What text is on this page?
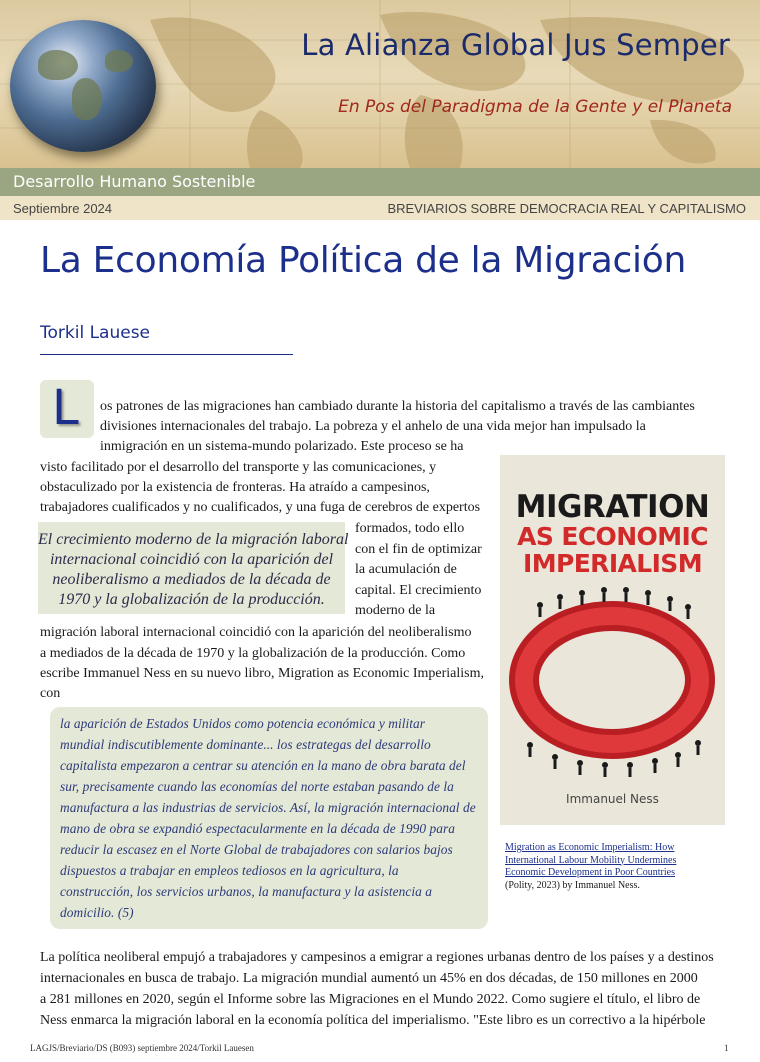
La Alianza Global Jus Semper
En Pos del Paradigma de la Gente y el Planeta
Desarrollo Humano Sostenible
Septiembre 2024	BREVIARIOS SOBRE DEMOCRACIA REAL Y CAPITALISMO
La Economía Política de la Migración
Torkil Lauese
L os patrones de las migraciones han cambiado durante la historia del capitalismo a través de las cambiantes
divisiones internacionales del trabajo. La pobreza y el anhelo de una vida mejor han impulsado la
inmigración en un sistema-mundo polarizado. Este proceso se ha
visto facilitado por el desarrollo del transporte y las comunicaciones, y
obstaculizado por la existencia de fronteras. Ha atraído a campesinos,
trabajadores cualificados y no cualificados, y una fuga de cerebros de expertos
formados, todo ello
con el fin de optimizar
la acumulación de
capital. El crecimiento
moderno de la
migración laboral internacional coincidió con la aparición del neoliberalismo
a mediados de la década de 1970 y la globalización de la producción. Como
escribe Immanuel Ness en su nuevo libro, Migration as Economic Imperialism,
con
El crecimiento moderno de la migración laboral
internacional coincidió con la aparición del
neoliberalismo a mediados de la década de
1970 y la globalización de la producción.
la aparición de Estados Unidos como potencia económica y militar
mundial indiscutiblemente dominante... los estrategas del desarrollo
capitalista empezaron a centrar su atención en la mano de obra barata del
sur, precisamente cuando las economías del norte estaban pasando de la
manufactura a las industrias de servicios. Así, la migración internacional de
mano de obra se expandió espectacularmente en la década de 1990 para
reducir la escasez en el Norte Global de trabajadores con salarios bajos
dispuestos a trabajar en empleos tediosos en la agricultura, la
construcción, los servicios urbanos, la manufactura y la asistencia a
domicilio. (5)
MIGRATION
AS ECONOMIC
IMPERIALISM
Immanuel Ness
Migration as Economic Imperialism: How
International Labour Mobility Undermines
Economic Development in Poor Countries
(Polity, 2023) by Immanuel Ness.
La política neoliberal empujó a trabajadores y campesinos a emigrar a regiones urbanas dentro de los países y a destinos
internacionales en busca de trabajo. La migración mundial aumentó un 45% en dos décadas, de 150 millones en 2000
a 281 millones en 2020, según el Informe sobre las Migraciones en el Mundo 2022. Como sugiere el título, el libro de
Ness enmarca la migración laboral en la economía política del imperialismo. "Este libro es un correctivo a la hipérbole
LAGJS/Breviario/DS (B093) septiembre 2024/Torkil Lauesen	1
